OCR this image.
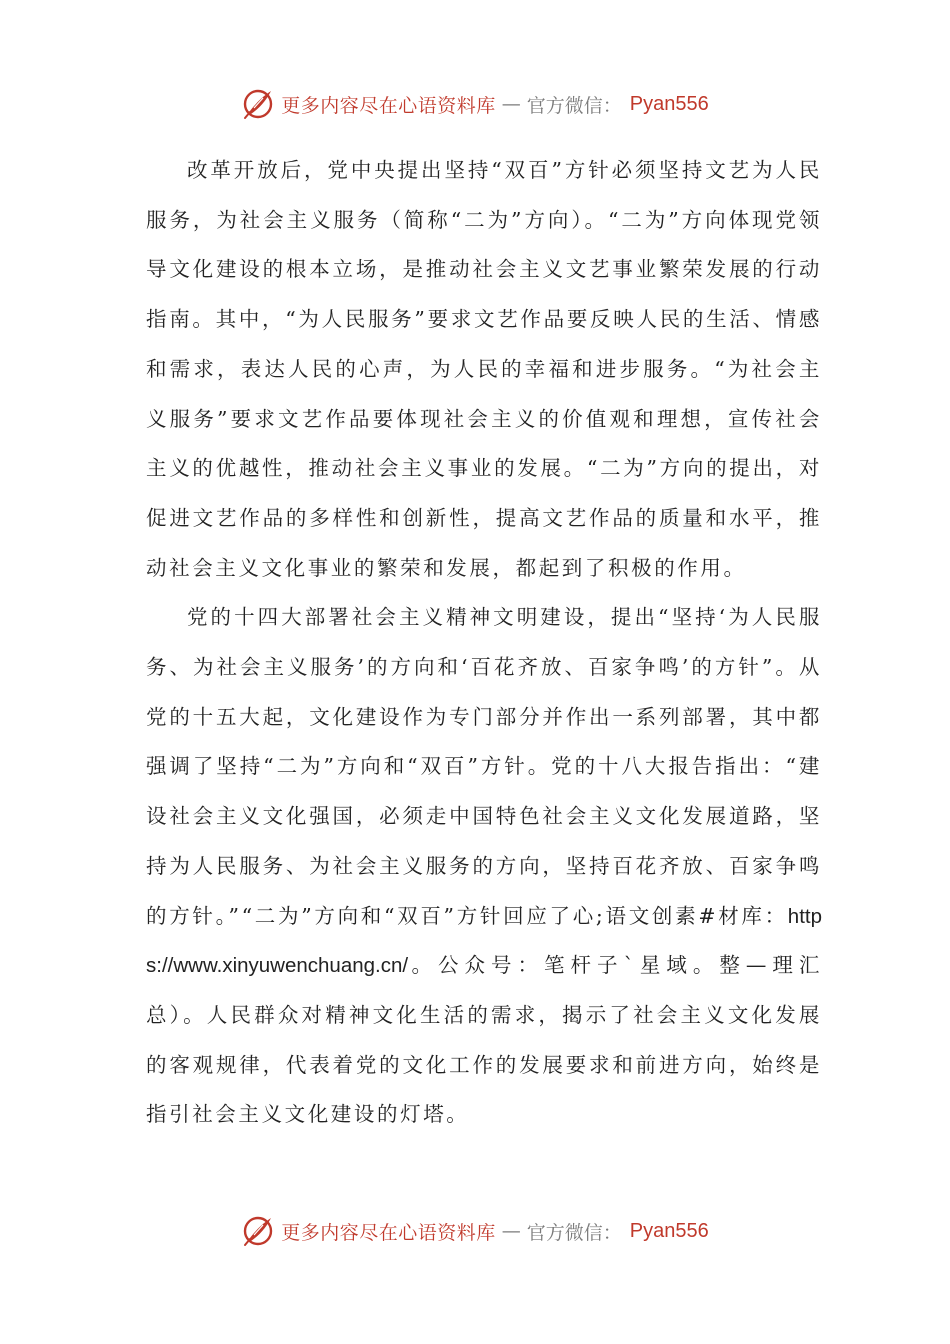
更多内容尽在心语资料库 — 官方微信： Pyan556

改革开放后，党中央提出坚持“双百”方针必须坚持文艺为人民服务，为社会主义服务（简称“二为”方向）。“二为”方向体现党领导文化建设的根本立场，是推动社会主义文艺事业繁荣发展的行动指南。其中，“为人民服务”要求文艺作品要反映人民的生活、情感和需求，表达人民的心声，为人民的幸福和进步服务。“为社会主义服务”要求文艺作品要体现社会主义的价值观和理想，宣传社会主义的优越性，推动社会主义事业的发展。“二为”方向的提出，对促进文艺作品的多样性和创新性，提高文艺作品的质量和水平，推动社会主义文化事业的繁荣和发展，都起到了积极的作用。

党的十四大部署社会主义精神文明建设，提出“坚持‘为人民服务、为社会主义服务’的方向和‘百花齐放、百家争鸣’的方针”。从党的十五大起，文化建设作为专门部分并作出一系列部署，其中都强调了坚持“二为”方向和“双百”方针。党的十八大报告指出：“建设社会主义文化强国，必须走中国特色社会主义文化发展道路，坚持为人民服务、为社会主义服务的方向，坚持百花齐放、百家争鸣的方针。”“二为”方向和“双百”方针回应了心;语文创素#材库：https://www.xinyuwenchuang.cn/。公众号：笔杆子`星域。整—理汇总）。人民群众对精神文化生活的需求，揭示了社会主义文化发展的客观规律，代表着党的文化工作的发展要求和前进方向，始终是指引社会主义文化建设的灯塔。

更多内容尽在心语资料库 — 官方微信： Pyan556
